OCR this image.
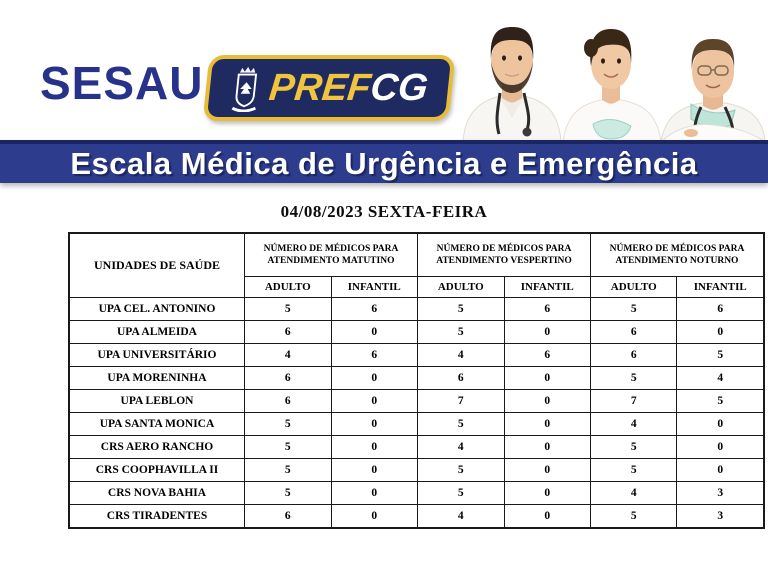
SESAU PREFCG
Escala Médica de Urgência e Emergência
04/08/2023 SEXTA-FEIRA
UNIDADES DE SAÚDE	NÚMERO DE MÉDICOS PARA ATENDIMENTO MATUTINO		NÚMERO DE MÉDICOS PARA ATENDIMENTO VESPERTINO		NÚMERO DE MÉDICOS PARA ATENDIMENTO NOTURNO	
	ADULTO	INFANTIL	ADULTO	INFANTIL	ADULTO	INFANTIL
UPA CEL. ANTONINO	5	6	5	6	5	6
UPA ALMEIDA	6	0	5	0	6	0
UPA UNIVERSITÁRIO	4	6	4	6	6	5
UPA MORENINHA	6	0	6	0	5	4
UPA LEBLON	6	0	7	0	7	5
UPA SANTA MONICA	5	0	5	0	4	0
CRS AERO RANCHO	5	0	4	0	5	0
CRS COOPHAVILLA II	5	0	5	0	5	0
CRS NOVA BAHIA	5	0	5	0	4	3
CRS TIRADENTES	6	0	4	0	5	3
